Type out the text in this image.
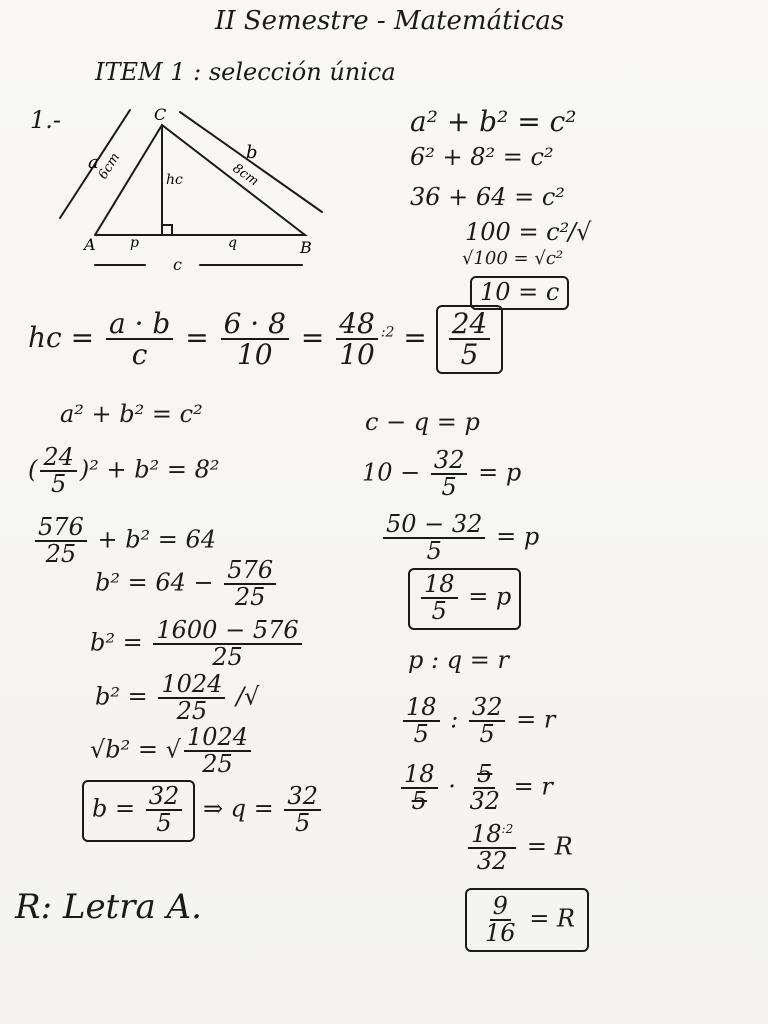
II Semestre - Matemáticas
ITEM 1 : selección única
1.-
A	B
C
a
6cm	b
8cm
hc
p	q
c
a² + b² = c²
6² + 8² = c²
36 + 64 = c²
100 = c²
/√
√100 = √c²
10 = c
hc = $\frac{a \cdot b}{c} = \frac{6 \cdot 8}{10} = \frac{48}{10} ^{:2} = \frac{24}{5}$
a² + b² = c²
( $\frac{24}{5} )^2 + b^2 = 8^2$
$\frac{576}{25} + b^2 = 64$
$b^2 = 64 - \frac{576}{25}$
$b^2 = \frac{1600 - 576}{25}$
$b^2 = \frac{1024}{25}$ /√
√b² = √ $\frac{1024}{25}$
$b = \frac{32}{5}$ ⇒ $q = \frac{32}{5}$
c − q = p
$10 - \frac{32}{5} = p$
$\frac{50 - 32}{5} = p$
$\frac{18}{5} = p$
p : q = r
$\frac{18}{5}$ : $\frac{32}{5} = r$
$\frac{18}{5} \cdot \frac{5}{32} = r$
$\frac{18^{:2}}{32} = R$
$\frac{9}{16} = R$
R: Letra A.
